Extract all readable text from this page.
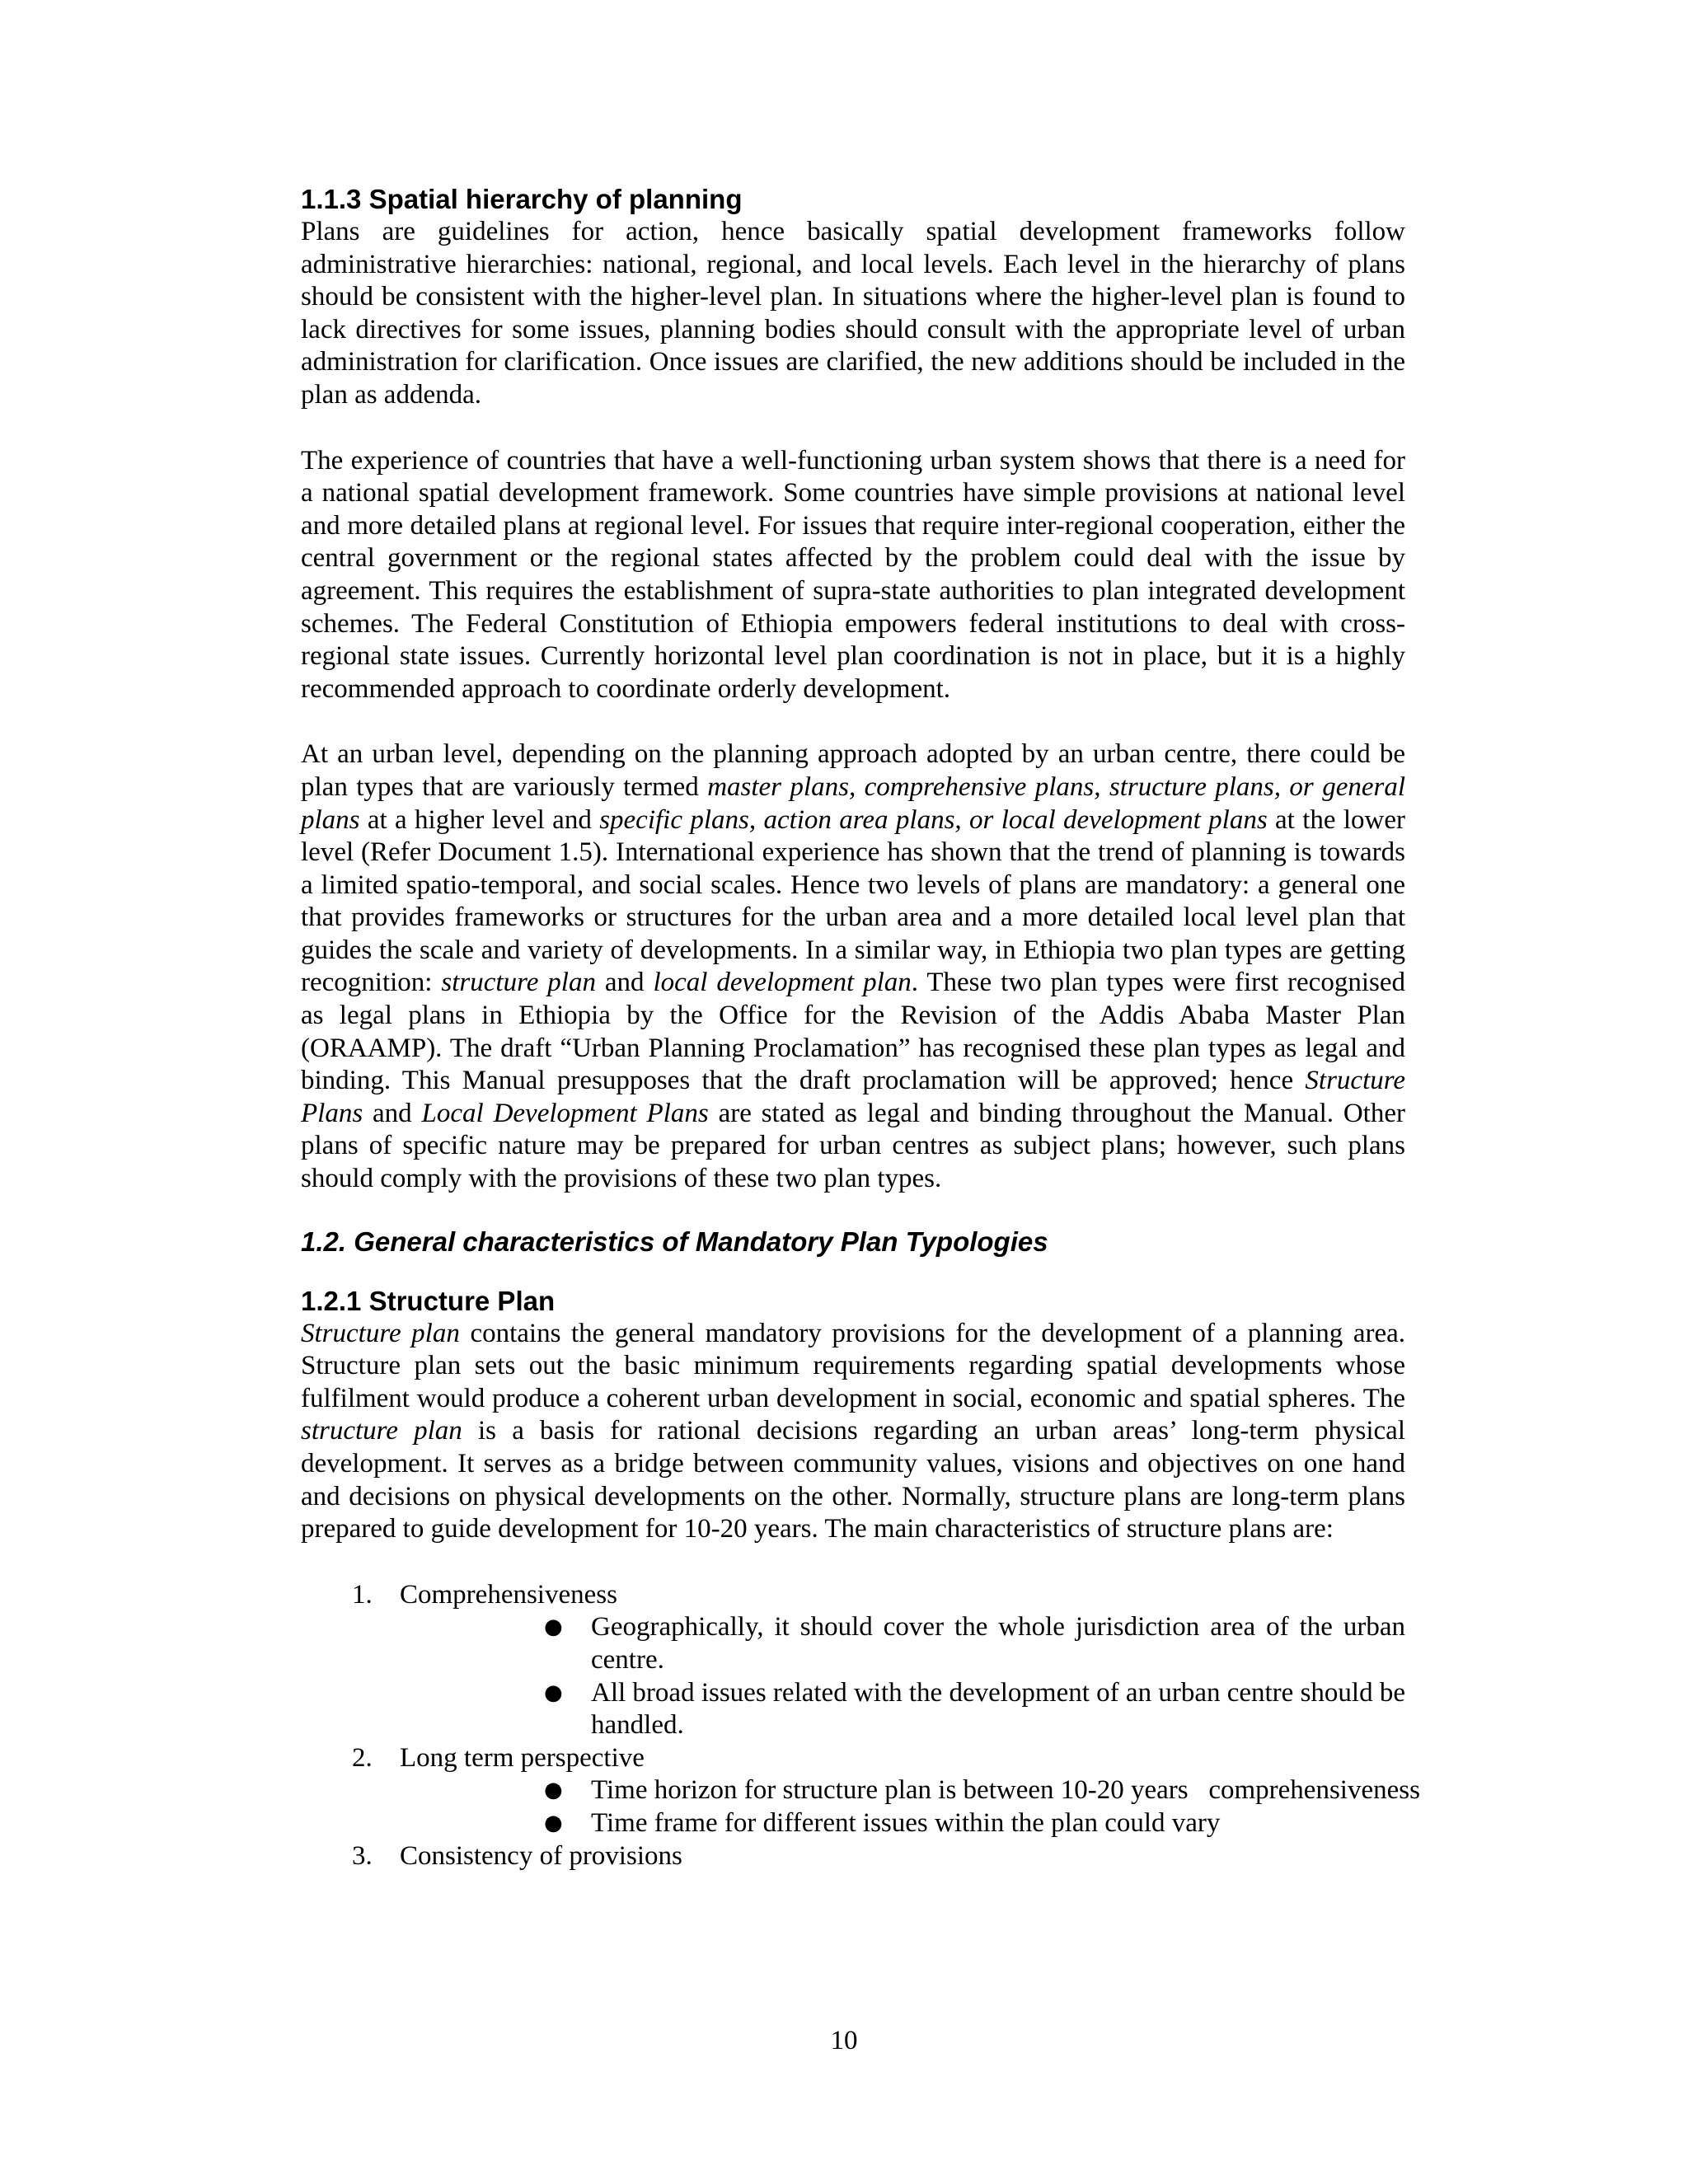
1.1.3 Spatial hierarchy of planning

Plans are guidelines for action, hence basically spatial development frameworks follow administrative hierarchies: national, regional, and local levels. Each level in the hierarchy of plans should be consistent with the higher-level plan. In situations where the higher-level plan is found to lack directives for some issues, planning bodies should consult with the appropriate level of urban administration for clarification. Once issues are clarified, the new additions should be included in the plan as addenda.

The experience of countries that have a well-functioning urban system shows that there is a need for a national spatial development framework. Some countries have simple provisions at national level and more detailed plans at regional level. For issues that require inter-regional cooperation, either the central government or the regional states affected by the problem could deal with the issue by agreement. This requires the establishment of supra-state authorities to plan integrated development schemes. The Federal Constitution of Ethiopia empowers federal institutions to deal with cross-regional state issues. Currently horizontal level plan coordination is not in place, but it is a highly recommended approach to coordinate orderly development.

At an urban level, depending on the planning approach adopted by an urban centre, there could be plan types that are variously termed master plans, comprehensive plans, structure plans, or general plans at a higher level and specific plans, action area plans, or local development plans at the lower level (Refer Document 1.5). International experience has shown that the trend of planning is towards a limited spatio-temporal, and social scales. Hence two levels of plans are mandatory: a general one that provides frameworks or structures for the urban area and a more detailed local level plan that guides the scale and variety of developments. In a similar way, in Ethiopia two plan types are getting recognition: structure plan and local development plan. These two plan types were first recognised as legal plans in Ethiopia by the Office for the Revision of the Addis Ababa Master Plan (ORAAMP). The draft “Urban Planning Proclamation” has recognised these plan types as legal and binding. This Manual presupposes that the draft proclamation will be approved; hence Structure Plans and Local Development Plans are stated as legal and binding throughout the Manual. Other plans of specific nature may be prepared for urban centres as subject plans; however, such plans should comply with the provisions of these two plan types.

1.2. General characteristics of Mandatory Plan Typologies
1.2.1 Structure Plan

Structure plan contains the general mandatory provisions for the development of a planning area. Structure plan sets out the basic minimum requirements regarding spatial developments whose fulfilment would produce a coherent urban development in social, economic and spatial spheres. The structure plan is a basis for rational decisions regarding an urban areas’ long-term physical development. It serves as a bridge between community values, visions and objectives on one hand and decisions on physical developments on the other. Normally, structure plans are long-term plans prepared to guide development for 10-20 years. The main characteristics of structure plans are:

1. Comprehensiveness
● Geographically, it should cover the whole jurisdiction area of the urban centre.
● All broad issues related with the development of an urban centre should be handled.
2. Long term perspective
● Time horizon for structure plan is between 10-20 years   comprehensiveness
● Time frame for different issues within the plan could vary
3. Consistency of provisions
10
